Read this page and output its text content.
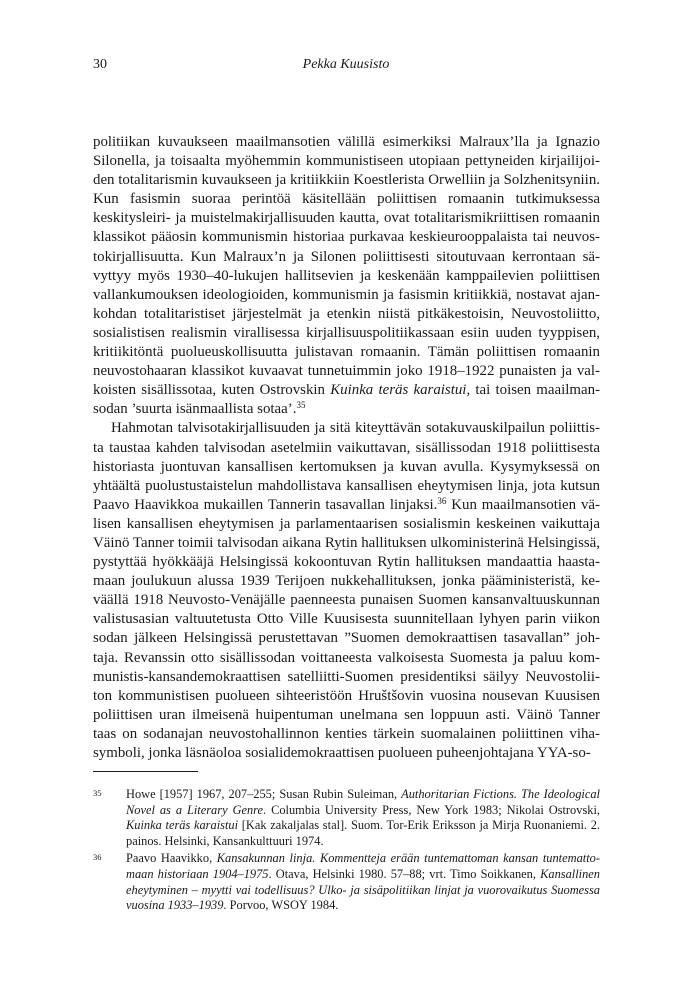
30	Pekka Kuusisto

politiikan kuvaukseen maailmansotien välillä esimerkiksi Malraux’lla ja Ignazio Silonella, ja toisaalta myöhemmin kommunistiseen utopiaan pettyneiden kirjailijoiden totalitarismin kuvaukseen ja kritiikkiin Koestlerista Orwelliin ja Solzhenitsyniin. Kun fasismin suoraa perintöä käsitellään poliittisen romaanin tutkimuksessa keskitysleiri- ja muistelmakirjallisuuden kautta, ovat totalitarismikriittisen romaanin klassikot pääosin kommunismin historiaa purkavaa keskieurooppalaista tai neuvostokirjallisuutta. Kun Malraux’n ja Silonen poliittisesti sitoutuvaan kerrontaan sävyttyy myös 1930–40-lukujen hallitsevien ja keskenään kamppailevien poliittisen vallankumouksen ideologioiden, kommunismin ja fasismin kritiikkiä, nostavat ajankohdan totalitaristiset järjestelmät ja etenkin niistä pitkäkestoisin, Neuvostoliitto, sosialistisen realismin virallisessa kirjallisuuspolitiikassaan esiin uuden tyyppisen, kritiikitöntä puolueuskollisuutta julistavan romaanin. Tämän poliittisen romaanin neuvostohaaran klassikot kuvaavat tunnetuimmin joko 1918–1922 punaisten ja valkoisten sisällissotaa, kuten Ostrovskin Kuinka teräs karaistui, tai toisen maailmansodan ’suurta isänmaallista sotaa’.$^{35}$

Hahmotan talvisotakirjallisuuden ja sitä kiteyttävän sotakuvauskilpailun poliittista taustaa kahden talvisodan asetelmiin vaikuttavan, sisällissodan 1918 poliittisesta historiasta juontuvan kansallisen kertomuksen ja kuvan avulla. Kysymyksessä on yhtäältä puolustustaistelun mahdollistava kansallisen eheytymisen linja, jota kutsun Paavo Haavikkoa mukaillen Tannerin tasavallan linjaksi.$^{36}$ Kun maailmansotien välisen kansallisen eheytymisen ja parlamentaarisen sosialismin keskeinen vaikuttaja Väinö Tanner toimii talvisodan aikana Rytin hallituksen ulkoministerinä Helsingissä, pystyttää hyökkääjä Helsingissä kokoontuvan Rytin hallituksen mandaattia haastamaan joulukuun alussa 1939 Terijoen nukkehallituksen, jonka pääministeristä, keväällä 1918 Neuvosto-Venäjälle paenneesta punaisen Suomen kansanvaltuuskunnan valistusasian valtuutetusta Otto Ville Kuusisesta suunnitellaan lyhyen parin viikon sodan jälkeen Helsingissä perustettavan ”Suomen demokraattisen tasavallan” johtaja. Revanssin otto sisällissodan voittaneesta valkoisesta Suomesta ja paluu kommunistis-kansandemokraattisen satelliitti-Suomen presidentiksi säilyy Neuvostoliiton kommunistisen puolueen sihteeristöön Hruštšovin vuosina nousevan Kuusisen poliittisen uran ilmeisenä huipentuman unelmana sen loppuun asti. Väinö Tanner taas on sodanajan neuvostohallinnon kenties tärkein suomalainen poliittinen vihasymboli, jonka läsnäoloa sosialidemokraattisen puolueen puheenjohtajana YYA-so-

35 Howe [1957] 1967, 207–255; Susan Rubin Suleiman, Authoritarian Fictions. The Ideological Novel as a Literary Genre. Columbia University Press, New York 1983; Nikolai Ostrovski, Kuinka teräs karaistui [Kak zakaljalas stal]. Suom. Tor-Erik Eriksson ja Mirja Ruonaniemi. 2. painos. Helsinki, Kansankulttuuri 1974.
36 Paavo Haavikko, Kansakunnan linja. Kommentteja erään tuntemattoman kansan tuntemattomaan historiaan 1904–1975. Otava, Helsinki 1980. 57–88; vrt. Timo Soikkanen, Kansallinen eheytyminen – myytti vai todellisuus? Ulko- ja sisäpolitiikan linjat ja vuorovaikutus Suomessa vuosina 1933–1939. Porvoo, WSOY 1984.
